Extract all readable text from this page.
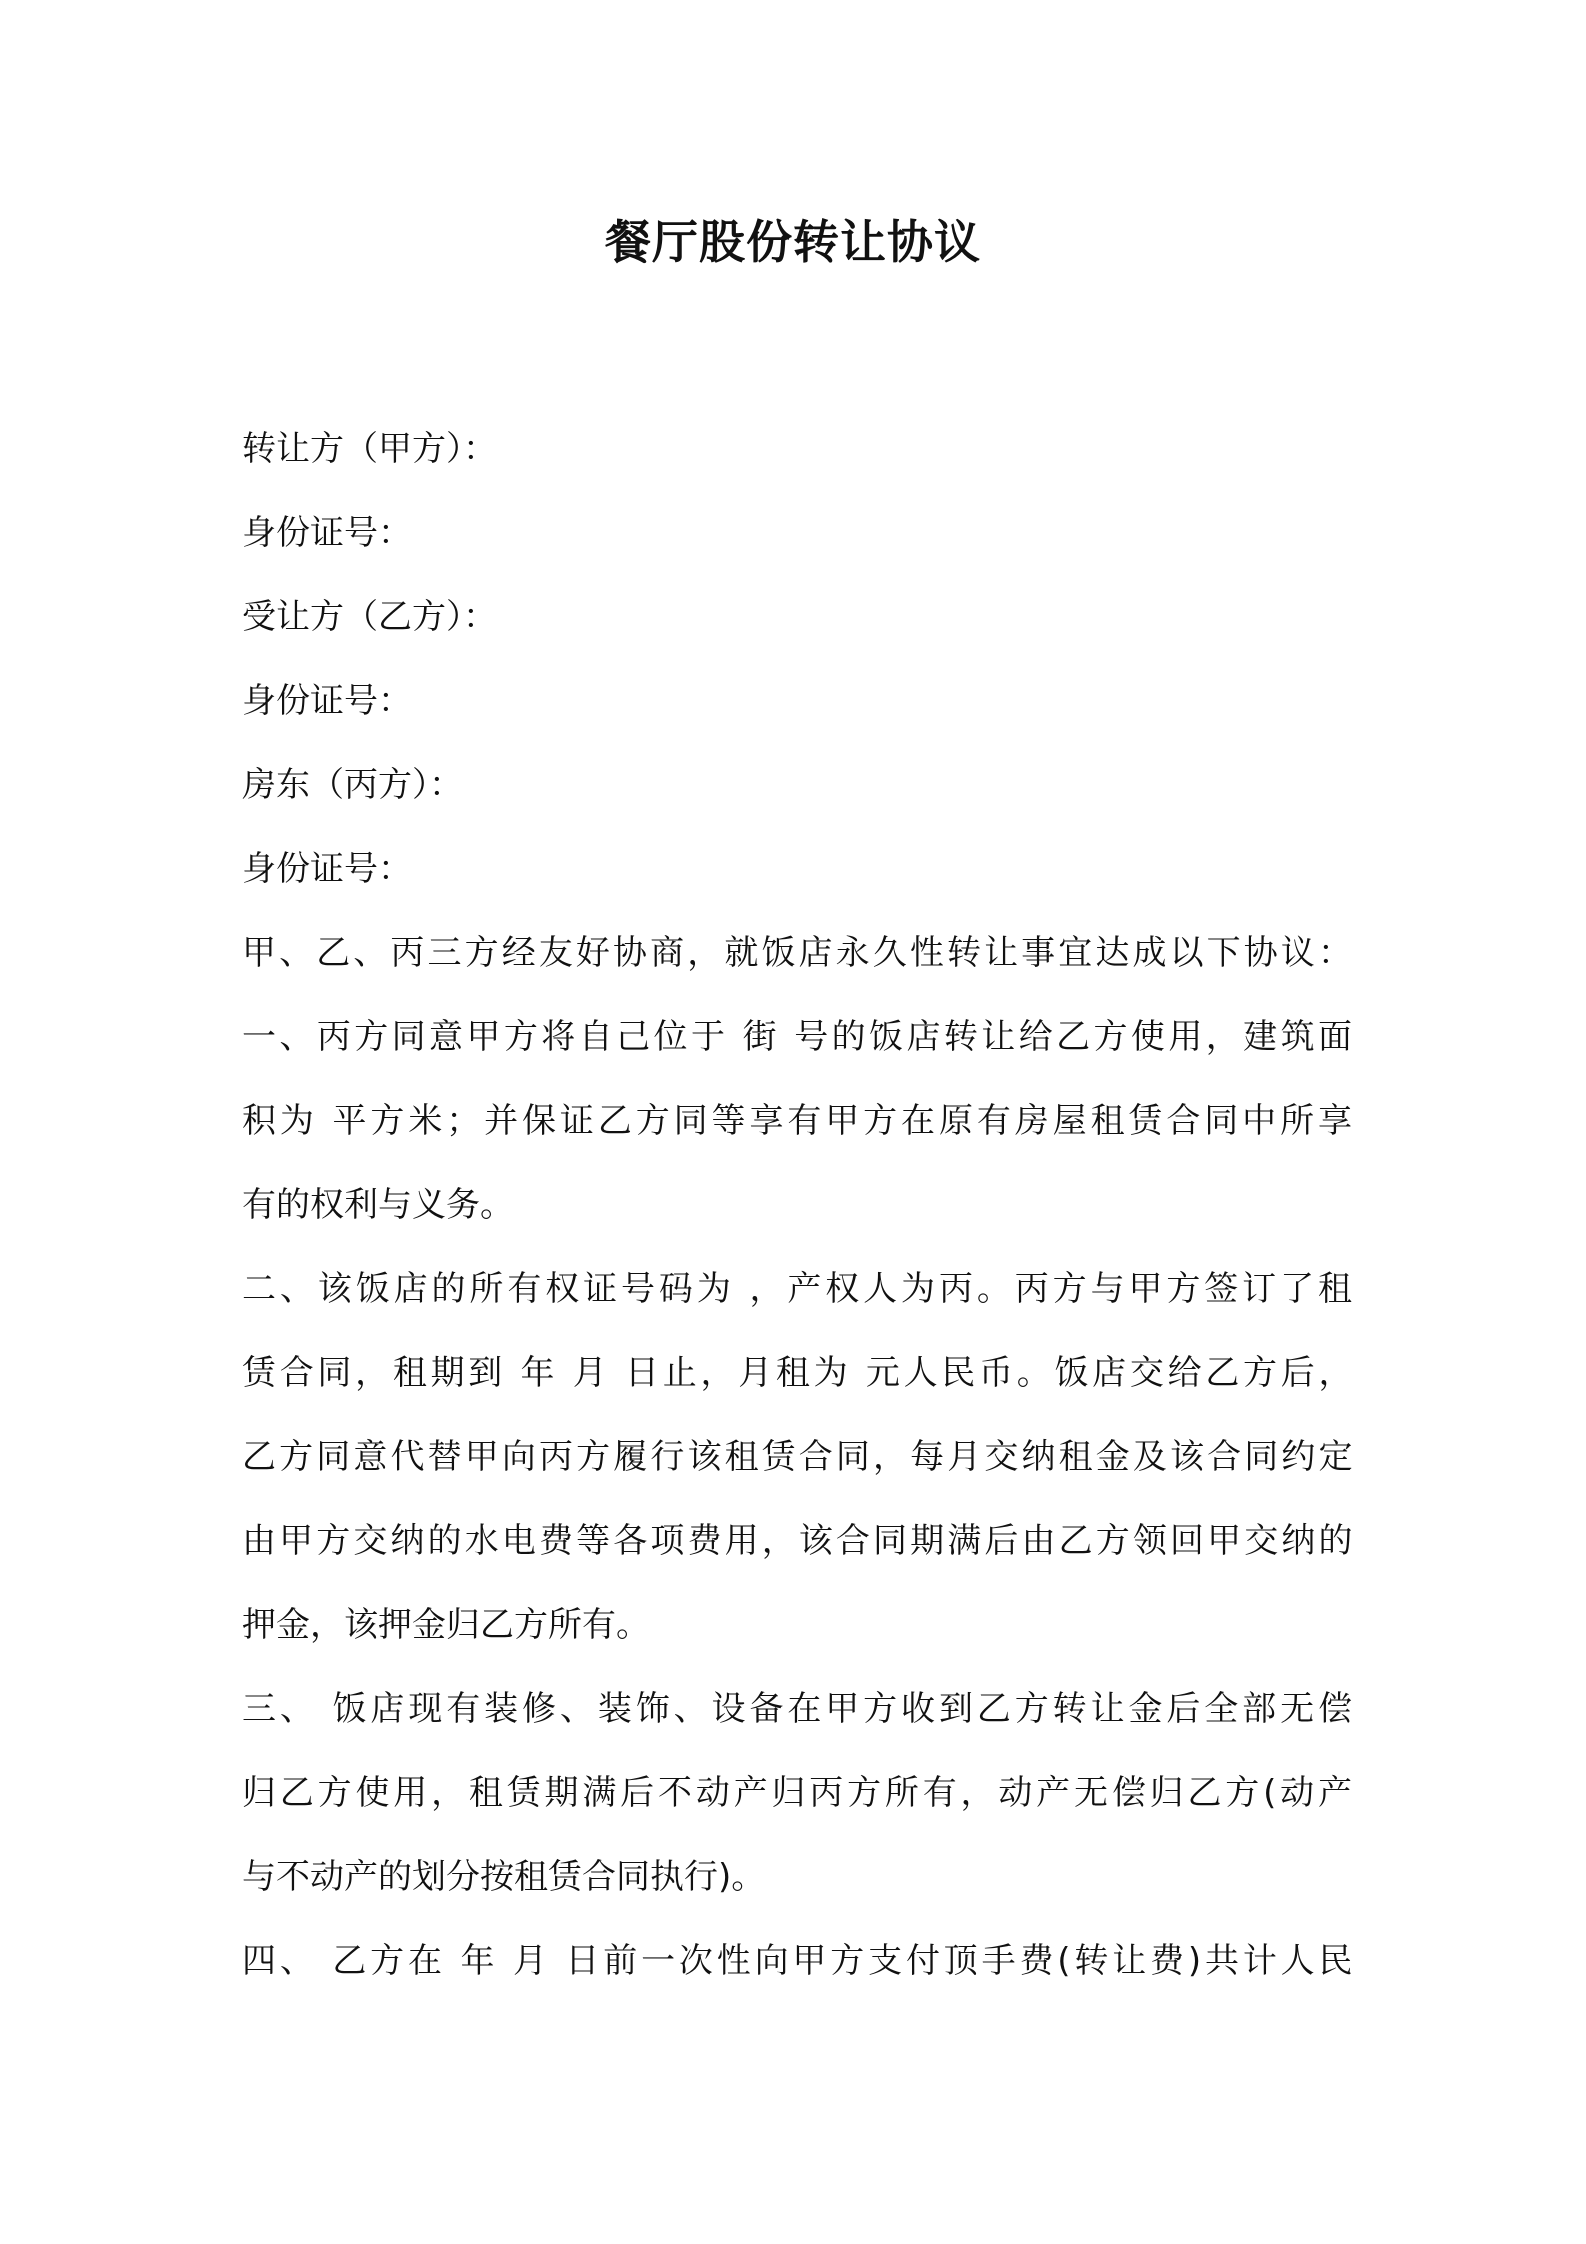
餐厅股份转让协议

转让方（甲方）：

身份证号：

受让方（乙方）：

身份证号：

房东（丙方）：

身份证号：

甲、乙、丙三方经友好协商，就饭店永久性转让事宜达成以下协议：

一、丙方同意甲方将自己位于 街 号的饭店转让给乙方使用，建筑面

积为 平方米；并保证乙方同等享有甲方在原有房屋租赁合同中所享

有的权利与义务。

二、该饭店的所有权证号码为 ，产权人为丙。丙方与甲方签订了租

赁合同，租期到 年 月 日止，月租为 元人民币。饭店交给乙方后，

乙方同意代替甲向丙方履行该租赁合同，每月交纳租金及该合同约定

由甲方交纳的水电费等各项费用，该合同期满后由乙方领回甲交纳的

押金，该押金归乙方所有。

三、 饭店现有装修、装饰、设备在甲方收到乙方转让金后全部无偿

归乙方使用，租赁期满后不动产归丙方所有，动产无偿归乙方(动产

与不动产的划分按租赁合同执行)。

四、 乙方在 年 月 日前一次性向甲方支付顶手费(转让费)共计人民
